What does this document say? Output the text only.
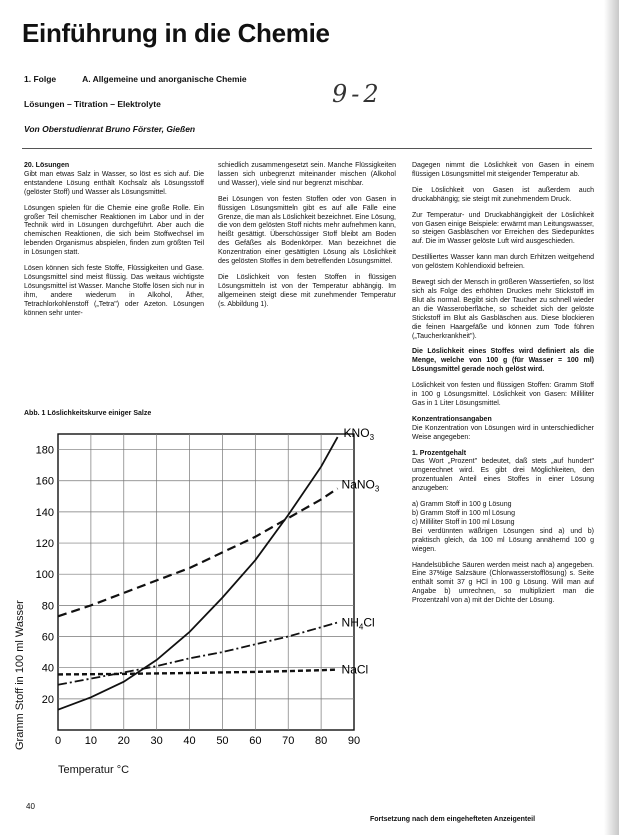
Einführung in die Chemie
1. Folge	A. Allgemeine und anorganische Chemie
Lösungen – Titration – Elektrolyte
Von Oberstudienrat Bruno Förster, Gießen
9-2

20. Lösungen
Gibt man etwas Salz in Wasser, so löst es sich auf. Die entstandene Lösung enthält Kochsalz als Lösungsstoff (gelöster Stoff) und Wasser als Lösungsmittel.

Lösungen spielen für die Chemie eine große Rolle. Ein großer Teil chemischer Reaktionen im Labor und in der Technik wird in Lösungen durchgeführt. Aber auch die chemischen Reaktionen, die sich beim Stoffwechsel im lebenden Organismus abspielen, finden zum größten Teil in Lösungen statt.

Lösen können sich feste Stoffe, Flüssigkeiten und Gase. Lösungsmittel sind meist flüssig. Das weitaus wichtigste Lösungsmittel ist Wasser. Manche Stoffe lösen sich nur in ihm, andere wiederum in Alkohol, Äther, Tetrachlorkohlenstoff („Tetra") oder Azeton. Lösungen können sehr unter-

schiedlich zusammengesetzt sein. Manche Flüssigkeiten lassen sich unbegrenzt miteinander mischen (Alkohol und Wasser), viele sind nur begrenzt mischbar.

Bei Lösungen von festen Stoffen oder von Gasen in flüssigen Lösungsmitteln gibt es auf alle Fälle eine Grenze, die man als Löslichkeit bezeichnet. Eine Lösung, die von dem gelösten Stoff nichts mehr aufnehmen kann, heißt gesättigt. Überschüssiger Stoff bleibt am Boden des Gefäßes als Bodenkörper. Man bezeichnet die Konzentration einer gesättigten Lösung als Löslichkeit des gelösten Stoffes in dem betreffenden Lösungsmittel.

Die Löslichkeit von festen Stoffen in flüssigen Lösungsmitteln ist von der Temperatur abhängig. Im allgemeinen steigt diese mit zunehmender Temperatur (s. Abbildung 1).

Dagegen nimmt die Löslichkeit von Gasen in einem flüssigen Lösungsmittel mit steigender Temperatur ab.

Die Löslichkeit von Gasen ist außerdem auch druckabhängig; sie steigt mit zunehmendem Druck.

Zur Temperatur- und Druckabhängigkeit der Löslichkeit von Gasen einige Beispiele: erwärmt man Leitungswasser, so steigen Gasbläschen vor Erreichen des Siedepunktes auf. Die im Wasser gelöste Luft wird ausgeschieden.

Destilliertes Wasser kann man durch Erhitzen weitgehend von gelöstem Kohlendioxid befreien.

Bewegt sich der Mensch in größeren Wassertiefen, so löst sich als Folge des erhöhten Druckes mehr Stickstoff im Blut als normal. Begibt sich der Taucher zu schnell wieder an die Wasseroberfläche, so scheidet sich der gelöste Stickstoff im Blut als Gasbläschen aus. Diese blockieren die feinen Haargefäße und können zum Tode führen („Taucherkrankheit").

Die Löslichkeit eines Stoffes wird definiert als die Menge, welche von 100 g (für Wasser = 100 ml) Lösungsmittel gerade noch gelöst wird.

Löslichkeit von festen und flüssigen Stoffen: Gramm Stoff in 100 g Lösungsmittel. Löslichkeit von Gasen: Milliliter Gas in 1 Liter Lösungsmittel.

Konzentrationsangaben
Die Konzentration von Lösungen wird in unterschiedlicher Weise angegeben:

1. Prozentgehalt
Das Wort „Prozent" bedeutet, daß stets „auf hundert" umgerechnet wird. Es gibt drei Möglichkeiten, den prozentualen Anteil eines Stoffes in einer Lösung anzugeben:

a) Gramm Stoff in 100 g Lösung
b) Gramm Stoff in 100 ml Lösung
c) Milliliter Stoff in 100 ml Lösung
Bei verdünnten wäßrigen Lösungen sind a) und b) praktisch gleich, da 100 ml Lösung annähernd 100 g wiegen.

Handelsübliche Säuren werden meist nach a) angegeben. Eine 37%ige Salzsäure (Chlorwasserstofflösung) s. Seite enthält somit 37 g HCl in 100 g Lösung. Will man auf Angabe b) umrechnen, so multipliziert man die Prozentzahl von a) mit der Dichte der Lösung.

Abb. 1 Löslichkeitskurve einiger Salze
0 10 20 30 40 50 60 70 80 90
20
40
60
80
100
120
140
160
180
$KNO_3$
NaNO$_3$
$NH_4Cl$
NaCl
Gramm Stoff in 100 ml Wasser
Temperatur °C
40
Fortsetzung nach dem eingehefteten Anzeigenteil
